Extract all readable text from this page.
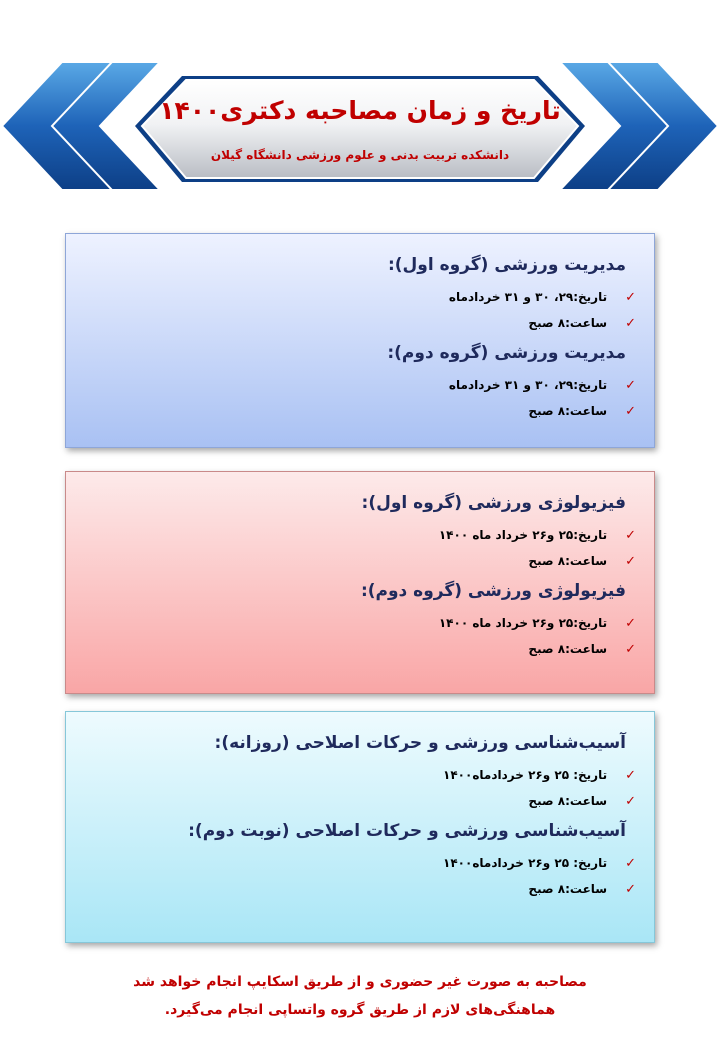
تاریخ و زمان مصاحبه دکتری۱۴۰۰
دانشکده تربیت بدنی و علوم ورزشی دانشگاه گیلان
مدیریت ورزشی (گروه اول):
✓
تاریخ:۲۹، ۳۰ و ۳۱ خردادماه
✓
ساعت:۸ صبح
مدیریت ورزشی (گروه دوم):
✓
تاریخ:۲۹، ۳۰ و ۳۱ خردادماه
✓
ساعت:۸ صبح
فیزیولوژی ورزشی (گروه اول):
✓
تاریخ:۲۵ و۲۶ خرداد ماه ۱۴۰۰
✓
ساعت:۸ صبح
فیزیولوژی ورزشی (گروه دوم):
✓
تاریخ:۲۵ و۲۶ خرداد ماه ۱۴۰۰
✓
ساعت:۸ صبح
آسیب‌شناسی ورزشی و حرکات اصلاحی (روزانه):
✓
تاریخ: ۲۵ و۲۶ خردادماه۱۴۰۰
✓
ساعت:۸ صبح
آسیب‌شناسی ورزشی و حرکات اصلاحی (نوبت دوم):
✓
تاریخ: ۲۵ و۲۶ خردادماه۱۴۰۰
✓
ساعت:۸ صبح
مصاحبه به صورت غیر حضوری و از طریق اسکایپ انجام خواهد شد
هماهنگی‌های لازم از طریق گروه واتساپی انجام می‌گیرد.
